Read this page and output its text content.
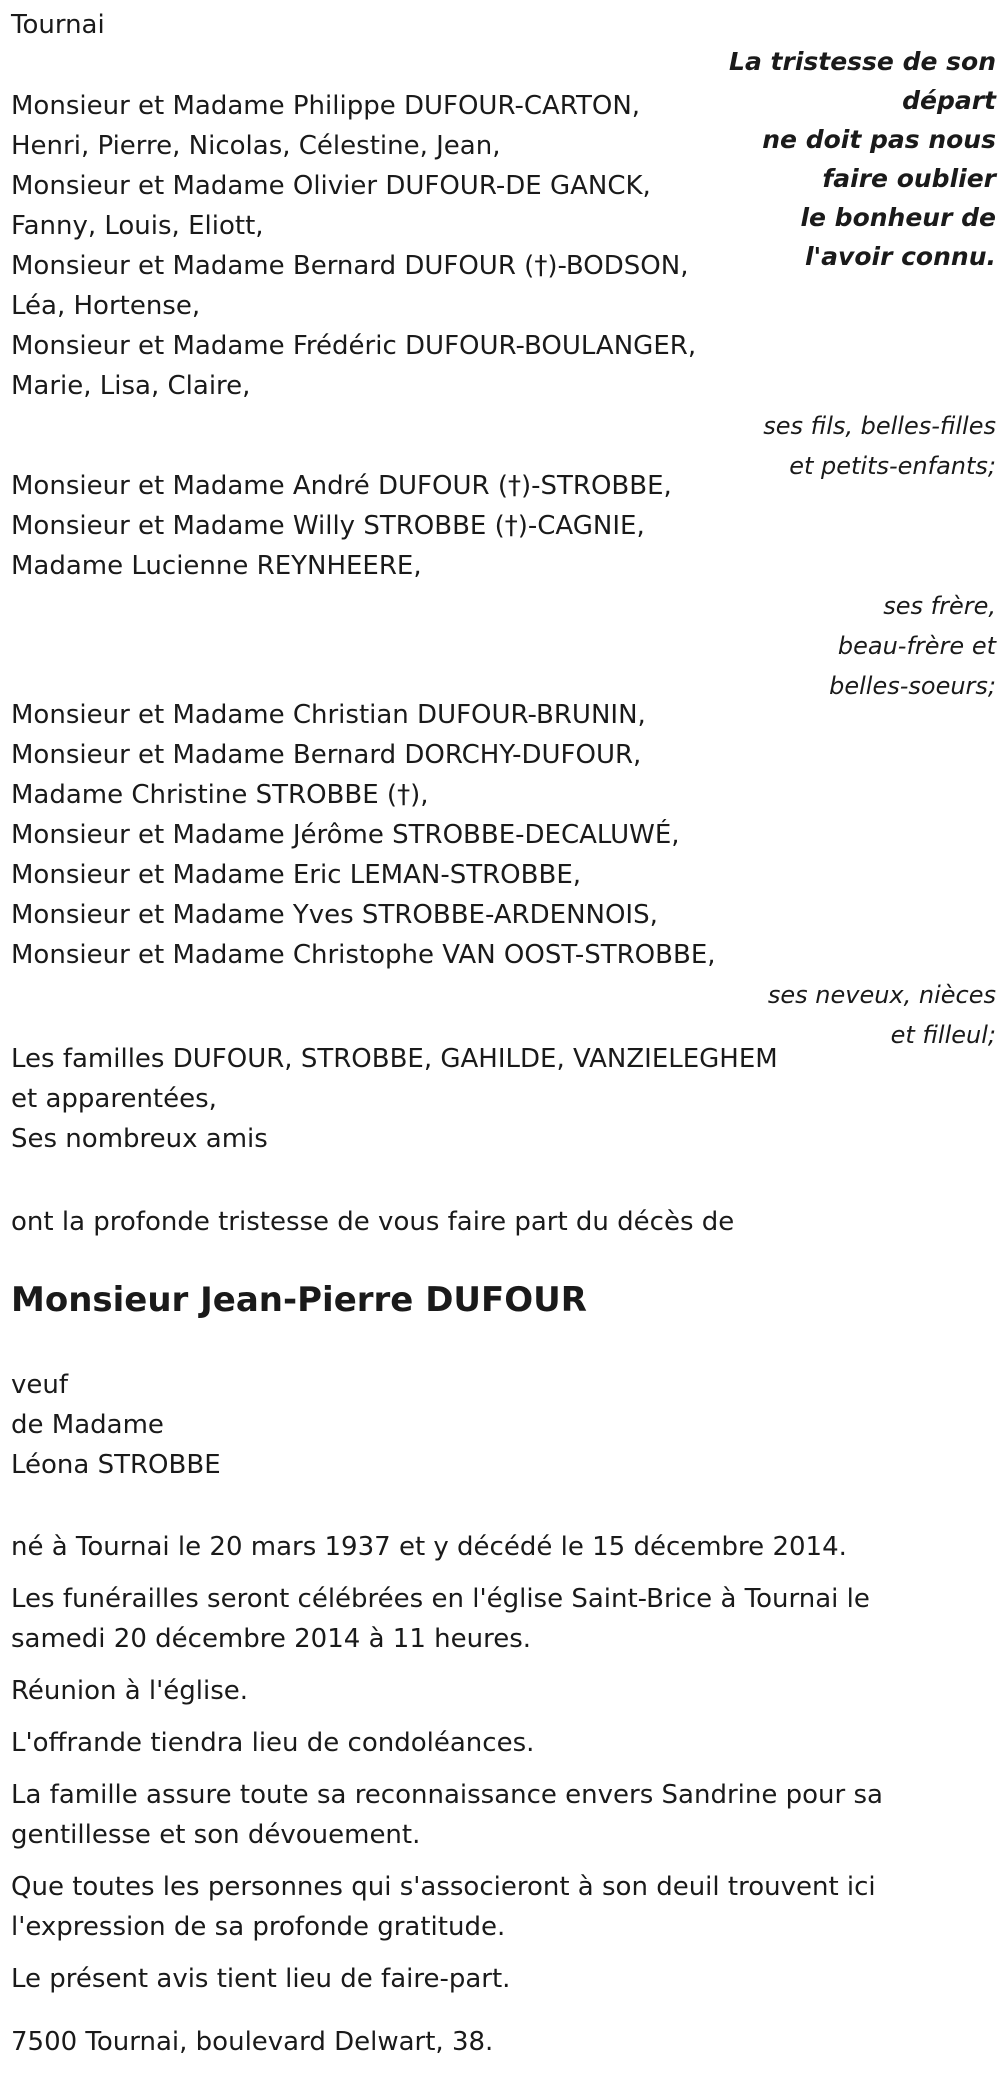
Tournai
La tristesse de son
départ
ne doit pas nous
faire oublier
le bonheur de
l'avoir connu.
Monsieur et Madame Philippe DUFOUR-CARTON,
Henri, Pierre, Nicolas, Célestine, Jean,
Monsieur et Madame Olivier DUFOUR-DE GANCK,
Fanny, Louis, Eliott,
Monsieur et Madame Bernard DUFOUR (†)-BODSON,
Léa, Hortense,
Monsieur et Madame Frédéric DUFOUR-BOULANGER,
Marie, Lisa, Claire,
ses fils, belles-filles
et petits-enfants;
Monsieur et Madame André DUFOUR (†)-STROBBE,
Monsieur et Madame Willy STROBBE (†)-CAGNIE,
Madame Lucienne REYNHEERE,
ses frère,
beau-frère et
belles-soeurs;
Monsieur et Madame Christian DUFOUR-BRUNIN,
Monsieur et Madame Bernard DORCHY-DUFOUR,
Madame Christine STROBBE (†),
Monsieur et Madame Jérôme STROBBE-DECALUWÉ,
Monsieur et Madame Eric LEMAN-STROBBE,
Monsieur et Madame Yves STROBBE-ARDENNOIS,
Monsieur et Madame Christophe VAN OOST-STROBBE,
ses neveux, nièces
et filleul;
Les familles DUFOUR, STROBBE, GAHILDE, VANZIELEGHEM
et apparentées,
Ses nombreux amis
ont la profonde tristesse de vous faire part du décès de
Monsieur Jean-Pierre DUFOUR
veuf
de Madame
Léona STROBBE

né à Tournai le 20 mars 1937 et y décédé le 15 décembre 2014.

Les funérailles seront célébrées en l'église Saint-Brice à Tournai le samedi 20 décembre 2014 à 11 heures.

Réunion à l'église.

L'offrande tiendra lieu de condoléances.

La famille assure toute sa reconnaissance envers Sandrine pour sa gentillesse et son dévouement.

Que toutes les personnes qui s'associeront à son deuil trouvent ici l'expression de sa profonde gratitude.

Le présent avis tient lieu de faire-part.

7500 Tournai, boulevard Delwart, 38.
